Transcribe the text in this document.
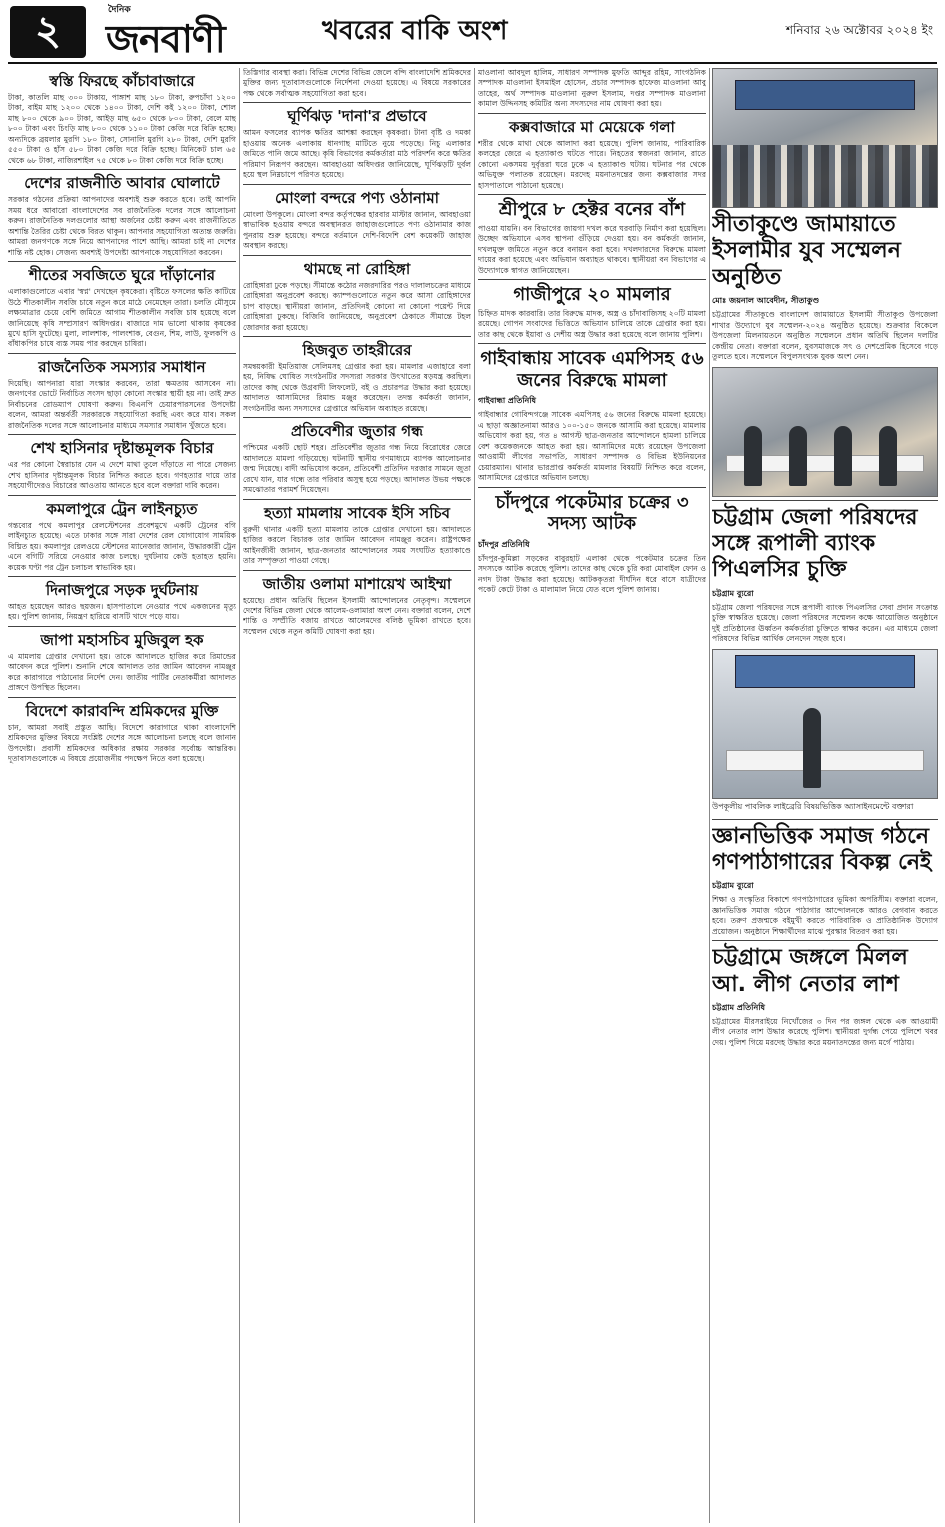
২	দৈনিক
জনবাণী	খবরের বাকি অংশ	শনিবার ২৬ অক্টোবর ২০২৪ ইং
স্বস্তি ফিরছে কাঁচাবাজারে
টাকা, কাতলি মাছ ৩০০ টাকায়, পাঙ্গাশ মাছ ১৮০ টাকা, রুপচাঁদা ১২০০ টাকা, বাইম মাছ ১২০০ থেকে ১৪০০ টাকা, দেশি কই ১২০০ টাকা, শোল মাছ ৮০০ থেকে ৯০০ টাকা, আইড় মাছ ৬৫০ থেকে ৮০০ টাকা, বেলে মাছ ৮০০ টাকা এবং চিংড়ি মাছ ৮০০ থেকে ১১০০ টাকা কেজি দরে বিক্রি হচ্ছে। অন্যদিকে ব্রয়লার মুরগি ১৮০ টাকা, সোনালি মুরগি ২৮০ টাকা, দেশি মুরগি ৫৫০ টাকা ও হাঁস ৫৮০ টাকা কেজি দরে বিক্রি হচ্ছে। মিনিকেট চাল ৬৫ থেকে ৬৮ টাকা, নাজিরশাইল ৭৫ থেকে ৮০ টাকা কেজি দরে বিক্রি হচ্ছে।
দেশের রাজনীতি আবার ঘোলাটে
সরকার গঠনের প্রক্রিয়া আপনাদের অবশ্যই শুরু করতে হবে। তাই আপনি সময় ধরে আবারো বাংলাদেশের সব রাজনৈতিক দলের সঙ্গে আলোচনা করুন। রাজনৈতিক দলগুলোর আস্থা অর্জনের চেষ্টা করুন এবং রাজনীতিতে অশান্তি তৈরির চেষ্টা থেকে বিরত থাকুন। আপনার সহযোগিতা অত্যন্ত জরুরি। আমরা জনগণকে সঙ্গে নিয়ে আপনাদের পাশে আছি। আমরা চাই না দেশের শান্তি নষ্ট হোক। সেজন্য অবশ্যই উপদেষ্টা আপনাকে সহযোগিতা করবেন।
শীতের সবজিতে ঘুরে দাঁড়ানোর
এলাকাগুলোতে এবার 'স্বপ্ন' দেখছেন কৃষকেরা। বৃষ্টিতে ফসলের ক্ষতি কাটিয়ে উঠে শীতকালীন সবজি চাষে নতুন করে মাঠে নেমেছেন তারা। চলতি মৌসুমে লক্ষ্যমাত্রার চেয়ে বেশি জমিতে আগাম শীতকালীন সবজি চাষ হয়েছে বলে জানিয়েছে কৃষি সম্প্রসারণ অধিদপ্তর। বাজারে দাম ভালো থাকায় কৃষকের মুখে হাসি ফুটেছে। মুলা, লালশাক, পালংশাক, বেগুন, শিম, লাউ, ফুলকপি ও বাঁধাকপির চাষে ব্যস্ত সময় পার করছেন চাষিরা।
রাজনৈতিক সমস্যার সমাধান
দিয়েছি। আপনারা যারা সংস্কার করবেন, তারা ক্ষমতায় আসবেন না। জনগণের ভোটে নির্বাচিত সংসদ ছাড়া কোনো সংস্কার স্থায়ী হয় না। তাই দ্রুত নির্বাচনের রোডম্যাপ ঘোষণা করুন। বিএনপি চেয়ারপারসনের উপদেষ্টা বলেন, আমরা অন্তর্বর্তী সরকারকে সহযোগিতা করছি এবং করে যাব। সকল রাজনৈতিক দলের সঙ্গে আলোচনার মাধ্যমে সমস্যার সমাধান খুঁজতে হবে।
শেখ হাসিনার দৃষ্টান্তমূলক বিচার
এর পর কোনো স্বৈরাচার যেন এ দেশে মাথা তুলে দাঁড়াতে না পারে সেজন্য শেখ হাসিনার দৃষ্টান্তমূলক বিচার নিশ্চিত করতে হবে। গণহত্যার দায়ে তার সহযোগীদেরও বিচারের আওতায় আনতে হবে বলে বক্তারা দাবি করেন।
কমলাপুরে ট্রেন লাইনচ্যুত
গন্তব্যের পথে কমলাপুর রেলস্টেশনের প্রবেশমুখে একটি ট্রেনের বগি লাইনচ্যুত হয়েছে। এতে ঢাকার সঙ্গে সারা দেশের রেল যোগাযোগ সাময়িক বিঘ্নিত হয়। কমলাপুর রেলওয়ে স্টেশনের ম্যানেজার জানান, উদ্ধারকারী ট্রেন এনে বগিটি সরিয়ে নেওয়ার কাজ চলছে। দুর্ঘটনায় কেউ হতাহত হয়নি। কয়েক ঘণ্টা পর ট্রেন চলাচল স্বাভাবিক হয়।
দিনাজপুরে সড়ক দুর্ঘটনায়
আহত হয়েছেন আরও ছয়জন। হাসপাতালে নেওয়ার পথে একজনের মৃত্যু হয়। পুলিশ জানায়, নিয়ন্ত্রণ হারিয়ে বাসটি খাদে পড়ে যায়।
জাপা মহাসচিব মুজিবুল হক
এ মামলায় গ্রেপ্তার দেখানো হয়। তাকে আদালতে হাজির করে রিমান্ডের আবেদন করে পুলিশ। শুনানি শেষে আদালত তার জামিন আবেদন নামঞ্জুর করে কারাগারে পাঠানোর নির্দেশ দেন। জাতীয় পার্টির নেতাকর্মীরা আদালত প্রাঙ্গণে উপস্থিত ছিলেন।
বিদেশে কারাবন্দি শ্রমিকদের মুক্তি
চান, আমরা সবাই প্রস্তুত আছি। বিদেশে কারাগারে থাকা বাংলাদেশি শ্রমিকদের মুক্তির বিষয়ে সংশ্লিষ্ট দেশের সঙ্গে আলোচনা চলছে বলে জানান উপদেষ্টা। প্রবাসী শ্রমিকদের অধিকার রক্ষায় সরকার সর্বোচ্চ আন্তরিক। দূতাবাসগুলোকে এ বিষয়ে প্রয়োজনীয় পদক্ষেপ নিতে বলা হয়েছে।
তিস্তিগার ব্যবস্থা করা। বিভিন্ন দেশের বিভিন্ন জেলে বন্দি বাংলাদেশি শ্রমিকদের মুক্তির জন্য দূতাবাসগুলোকে নির্দেশনা দেওয়া হয়েছে। এ বিষয়ে সরকারের পক্ষ থেকে সর্বাত্মক সহযোগিতা করা হবে।
ঘূর্ণিঝড় 'দানা'র প্রভাবে
আমন ফসলের ব্যাপক ক্ষতির আশঙ্কা করছেন কৃষকরা। টানা বৃষ্টি ও দমকা হাওয়ায় অনেক এলাকায় ধানগাছ মাটিতে নুয়ে পড়েছে। নিচু এলাকার জমিতে পানি জমে আছে। কৃষি বিভাগের কর্মকর্তারা মাঠ পরিদর্শন করে ক্ষতির পরিমাণ নিরূপণ করছেন। আবহাওয়া অধিদপ্তর জানিয়েছে, ঘূর্ণিঝড়টি দুর্বল হয়ে স্থল নিম্নচাপে পরিণত হয়েছে।
মোংলা বন্দরে পণ্য ওঠানামা
মোংলা উপকূলে। মোংলা বন্দর কর্তৃপক্ষের হারবার মাস্টার জানান, আবহাওয়া স্বাভাবিক হওয়ায় বন্দরে অবস্থানরত জাহাজগুলোতে পণ্য ওঠানামার কাজ পুনরায় শুরু হয়েছে। বন্দরে বর্তমানে দেশি-বিদেশি বেশ কয়েকটি জাহাজ অবস্থান করছে।
থামছে না রোহিঙ্গা
রোহিঙ্গারা ঢুকে পড়ছে। সীমান্তে কঠোর নজরদারির পরও দালালচক্রের মাধ্যমে রোহিঙ্গারা অনুপ্রবেশ করছে। ক্যাম্পগুলোতে নতুন করে আসা রোহিঙ্গাদের চাপ বাড়ছে। স্থানীয়রা জানান, প্রতিদিনই কোনো না কোনো পয়েন্ট দিয়ে রোহিঙ্গারা ঢুকছে। বিজিবি জানিয়েছে, অনুপ্রবেশ ঠেকাতে সীমান্তে টহল জোরদার করা হয়েছে।
হিজবুত তাহরীরের
সমন্বয়কারী ইমতিয়াজ সেলিমসহ গ্রেপ্তার করা হয়। মামলার এজাহারে বলা হয়, নিষিদ্ধ ঘোষিত সংগঠনটির সদস্যরা সরকার উৎখাতের ষড়যন্ত্র করছিল। তাদের কাছ থেকে উগ্রবাদী লিফলেট, বই ও প্রচারপত্র উদ্ধার করা হয়েছে। আদালত আসামিদের রিমান্ড মঞ্জুর করেছেন। তদন্ত কর্মকর্তা জানান, সংগঠনটির অন্য সদস্যদের গ্রেপ্তারে অভিযান অব্যাহত রয়েছে।
প্রতিবেশীর জুতার গন্ধ
পশ্চিমের একটি ছোট শহর। প্রতিবেশীর জুতার গন্ধ নিয়ে বিরোধের জেরে আদালতে মামলা গড়িয়েছে। ঘটনাটি স্থানীয় গণমাধ্যমে ব্যাপক আলোচনার জন্ম দিয়েছে। বাদী অভিযোগ করেন, প্রতিবেশী প্রতিদিন দরজার সামনে জুতা রেখে যান, যার গন্ধে তার পরিবার অসুস্থ হয়ে পড়ছে। আদালত উভয় পক্ষকে সমঝোতার পরামর্শ দিয়েছেন।
হত্যা মামলায় সাবেক ইসি সচিব
বুরুনী থানার একটি হত্যা মামলায় তাকে গ্রেপ্তার দেখানো হয়। আদালতে হাজির করলে বিচারক তার জামিন আবেদন নামঞ্জুর করেন। রাষ্ট্রপক্ষের আইনজীবী জানান, ছাত্র-জনতার আন্দোলনের সময় সংঘটিত হত্যাকাণ্ডে তার সম্পৃক্ততা পাওয়া গেছে।
জাতীয় ওলামা মাশায়েখ আইম্মা
হয়েছে। প্রধান অতিথি ছিলেন ইসলামী আন্দোলনের নেতৃবৃন্দ। সম্মেলনে দেশের বিভিন্ন জেলা থেকে আলেম-ওলামারা অংশ নেন। বক্তারা বলেন, দেশে শান্তি ও সম্প্রীতি বজায় রাখতে আলেমদের বলিষ্ঠ ভূমিকা রাখতে হবে। সম্মেলন থেকে নতুন কমিটি ঘোষণা করা হয়।
মাওলানা আবদুল হালিম, সাধারণ সম্পাদক মুফতি আব্দুর রহিম, সাংগঠনিক সম্পাদক মাওলানা ইসমাইল হোসেন, প্রচার সম্পাদক হাফেজ মাওলানা আবু তাহের, অর্থ সম্পাদক মাওলানা নুরুল ইসলাম, দপ্তর সম্পাদক মাওলানা কামাল উদ্দিনসহ কমিটির অন্য সদস্যদের নাম ঘোষণা করা হয়।
কক্সবাজারে মা মেয়েকে গলা
শরীর থেকে মাথা থেকে আলাদা করা হয়েছে। পুলিশ জানায়, পারিবারিক কলহের জেরে এ হত্যাকাণ্ড ঘটতে পারে। নিহতের স্বজনরা জানান, রাতে কোনো একসময় দুর্বৃত্তরা ঘরে ঢুকে এ হত্যাকাণ্ড ঘটায়। ঘটনার পর থেকে অভিযুক্ত পলাতক রয়েছেন। মরদেহ ময়নাতদন্তের জন্য কক্সবাজার সদর হাসপাতালে পাঠানো হয়েছে।
শ্রীপুরে ৮ হেক্টর বনের বাঁশ
পাওয়া যায়নি। বন বিভাগের জায়গা দখল করে ঘরবাড়ি নির্মাণ করা হয়েছিল। উচ্ছেদ অভিযানে এসব স্থাপনা গুঁড়িয়ে দেওয়া হয়। বন কর্মকর্তা জানান, দখলমুক্ত জমিতে নতুন করে বনায়ন করা হবে। দখলদারদের বিরুদ্ধে মামলা দায়ের করা হয়েছে এবং অভিযান অব্যাহত থাকবে। স্থানীয়রা বন বিভাগের এ উদ্যোগকে স্বাগত জানিয়েছেন।
গাজীপুরে ২০ মামলার
চিহ্নিত মাদক কারবারি। তার বিরুদ্ধে মাদক, অস্ত্র ও চাঁদাবাজিসহ ২০টি মামলা রয়েছে। গোপন সংবাদের ভিত্তিতে অভিযান চালিয়ে তাকে গ্রেপ্তার করা হয়। তার কাছ থেকে ইয়াবা ও দেশীয় অস্ত্র উদ্ধার করা হয়েছে বলে জানায় পুলিশ।
গাইবান্ধায় সাবেক এমপিসহ ৫৬ জনের বিরুদ্ধে মামলা
গাইবান্ধা প্রতিনিধি
গাইবান্ধার গোবিন্দগঞ্জে সাবেক এমপিসহ ৫৬ জনের বিরুদ্ধে মামলা হয়েছে। এ ছাড়া অজ্ঞাতনামা আরও ১০০-১৫০ জনকে আসামি করা হয়েছে। মামলায় অভিযোগ করা হয়, গত ৪ আগস্ট ছাত্র-জনতার আন্দোলনে হামলা চালিয়ে বেশ কয়েকজনকে আহত করা হয়। আসামিদের মধ্যে রয়েছেন উপজেলা আওয়ামী লীগের সভাপতি, সাধারণ সম্পাদক ও বিভিন্ন ইউনিয়নের চেয়ারম্যান। থানার ভারপ্রাপ্ত কর্মকর্তা মামলার বিষয়টি নিশ্চিত করে বলেন, আসামিদের গ্রেপ্তারে অভিযান চলছে।
চাঁদপুরে পকেটমার চক্রের ৩ সদস্য আটক
চাঁদপুর প্রতিনিধি
চাঁদপুর-কুমিল্লা সড়কের বাবুরহাট এলাকা থেকে পকেটমার চক্রের তিন সদস্যকে আটক করেছে পুলিশ। তাদের কাছ থেকে চুরি করা মোবাইল ফোন ও নগদ টাকা উদ্ধার করা হয়েছে। আটককৃতরা দীর্ঘদিন ধরে বাসে যাত্রীদের পকেট কেটে টাকা ও মালামাল নিয়ে যেত বলে পুলিশ জানায়।
সীতাকুণ্ডে জামায়াতে ইসলামীর যুব সম্মেলন অনুষ্ঠিত
মোঃ জয়নাল আবেদীন, সীতাকুণ্ড
চট্টগ্রামের সীতাকুণ্ডে বাংলাদেশ জামায়াতে ইসলামী সীতাকুণ্ড উপজেলা শাখার উদ্যোগে যুব সম্মেলন-২০২৪ অনুষ্ঠিত হয়েছে। শুক্রবার বিকেলে উপজেলা মিলনায়তনে অনুষ্ঠিত সম্মেলনে প্রধান অতিথি ছিলেন দলটির কেন্দ্রীয় নেতা। বক্তারা বলেন, যুবসমাজকে সৎ ও দেশপ্রেমিক হিসেবে গড়ে তুলতে হবে। সম্মেলনে বিপুলসংখ্যক যুবক অংশ নেন।
চট্টগ্রাম জেলা পরিষদের সঙ্গে রূপালী ব্যাংক পিএলসির চুক্তি
চট্টগ্রাম ব্যুরো
চট্টগ্রাম জেলা পরিষদের সঙ্গে রূপালী ব্যাংক পিএলসির সেবা প্রদান সংক্রান্ত চুক্তি স্বাক্ষরিত হয়েছে। জেলা পরিষদের সম্মেলন কক্ষে আয়োজিত অনুষ্ঠানে দুই প্রতিষ্ঠানের ঊর্ধ্বতন কর্মকর্তারা চুক্তিতে স্বাক্ষর করেন। এর মাধ্যমে জেলা পরিষদের বিভিন্ন আর্থিক লেনদেন সহজ হবে।
উপকূলীয় পাবলিক লাইব্রেরি বিষয়ভিত্তিক অ্যাসাইনমেন্টে বক্তারা
জ্ঞানভিত্তিক সমাজ গঠনে গণপাঠাগারের বিকল্প নেই
চট্টগ্রাম ব্যুরো
শিক্ষা ও সংস্কৃতির বিকাশে গণপাঠাগারের ভূমিকা অপরিসীম। বক্তারা বলেন, জ্ঞানভিত্তিক সমাজ গঠনে পাঠাগার আন্দোলনকে আরও বেগবান করতে হবে। তরুণ প্রজন্মকে বইমুখী করতে পারিবারিক ও প্রাতিষ্ঠানিক উদ্যোগ প্রয়োজন। অনুষ্ঠানে শিক্ষার্থীদের মাঝে পুরস্কার বিতরণ করা হয়।
চট্টগ্রামে জঙ্গলে মিলল আ. লীগ নেতার লাশ
চট্টগ্রাম প্রতিনিধি
চট্টগ্রামের মীরসরাইয়ে নিখোঁজের ৩ দিন পর জঙ্গল থেকে এক আওয়ামী লীগ নেতার লাশ উদ্ধার করেছে পুলিশ। স্থানীয়রা দুর্গন্ধ পেয়ে পুলিশে খবর দেয়। পুলিশ গিয়ে মরদেহ উদ্ধার করে ময়নাতদন্তের জন্য মর্গে পাঠায়।
